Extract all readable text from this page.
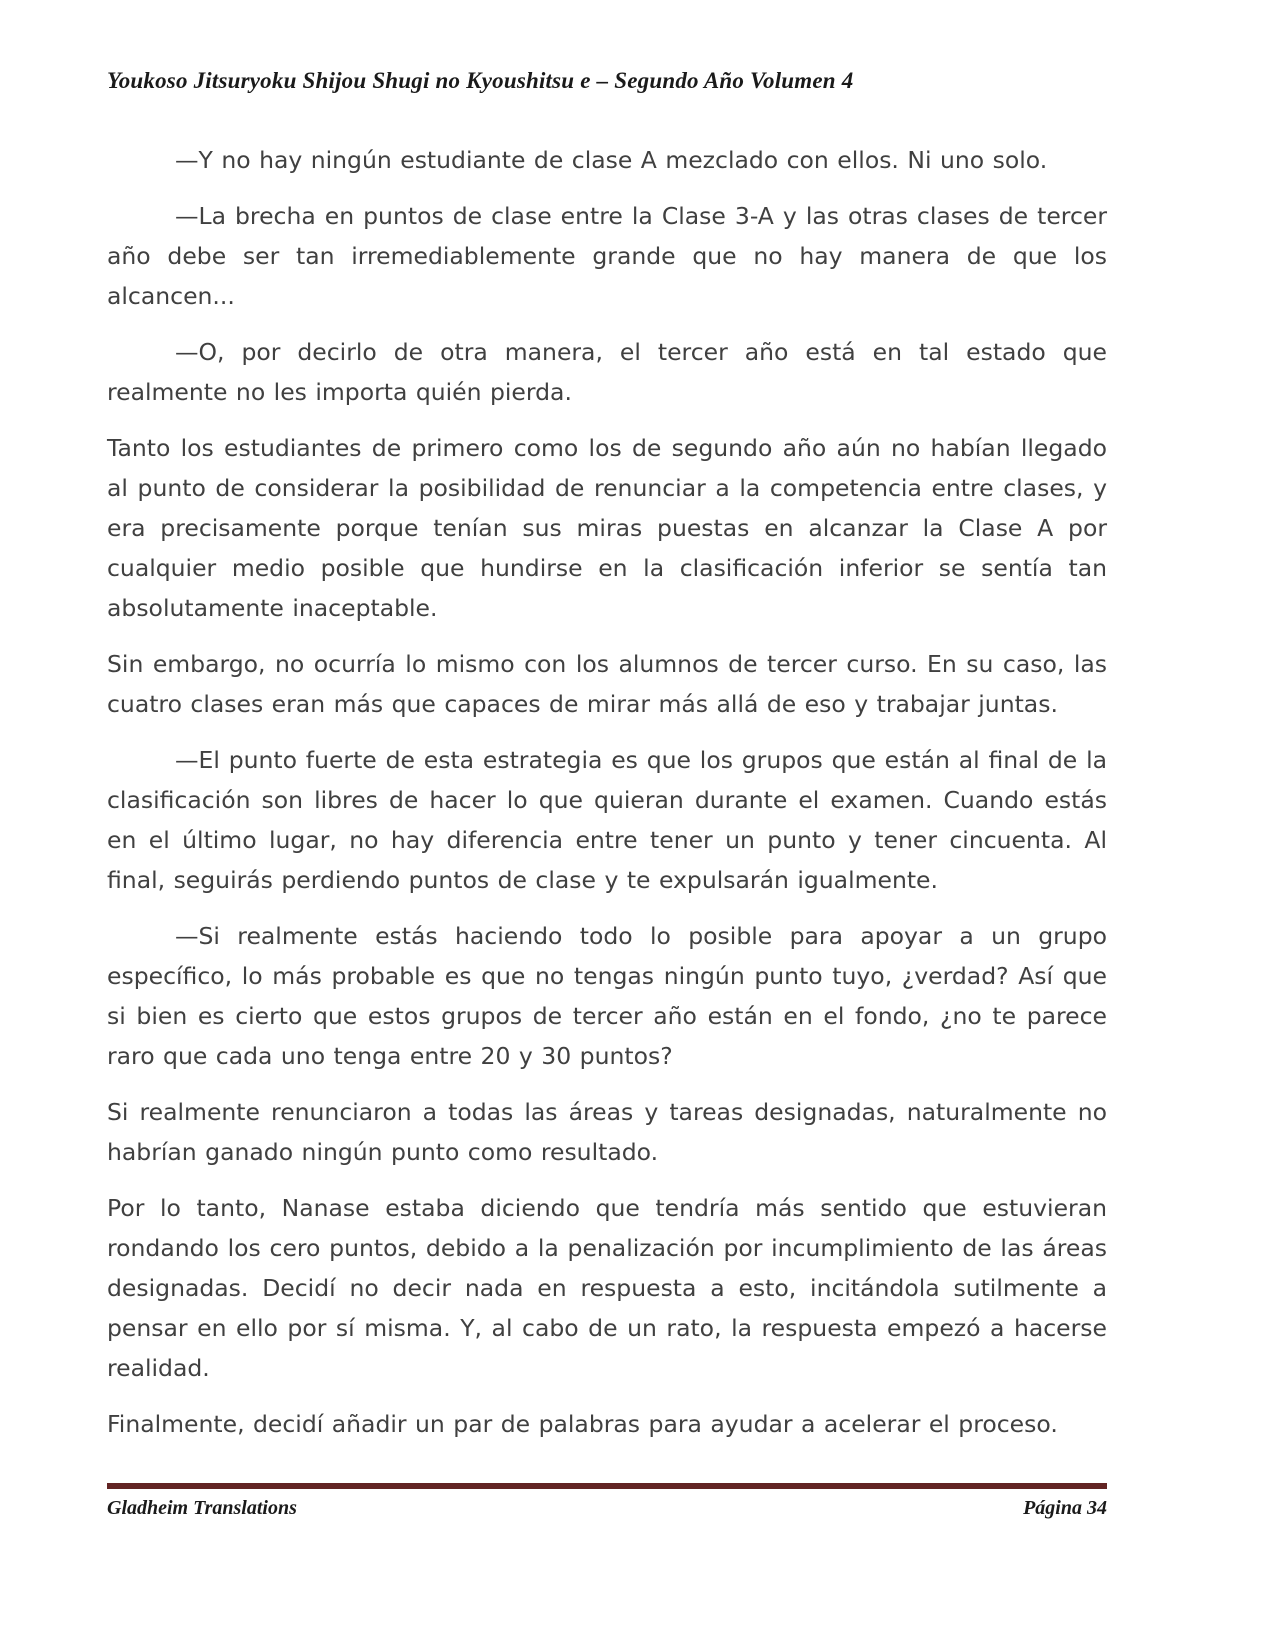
Youkoso Jitsuryoku Shijou Shugi no Kyoushitsu e – Segundo Año Volumen 4

—Y no hay ningún estudiante de clase A mezclado con ellos. Ni uno solo.

—La brecha en puntos de clase entre la Clase 3-A y las otras clases de tercer año debe ser tan irremediablemente grande que no hay manera de que los alcancen...

—O, por decirlo de otra manera, el tercer año está en tal estado que realmente no les importa quién pierda.

Tanto los estudiantes de primero como los de segundo año aún no habían llegado al punto de considerar la posibilidad de renunciar a la competencia entre clases, y era precisamente porque tenían sus miras puestas en alcanzar la Clase A por cualquier medio posible que hundirse en la clasificación inferior se sentía tan absolutamente inaceptable.

Sin embargo, no ocurría lo mismo con los alumnos de tercer curso. En su caso, las cuatro clases eran más que capaces de mirar más allá de eso y trabajar juntas.

—El punto fuerte de esta estrategia es que los grupos que están al final de la clasificación son libres de hacer lo que quieran durante el examen. Cuando estás en el último lugar, no hay diferencia entre tener un punto y tener cincuenta. Al final, seguirás perdiendo puntos de clase y te expulsarán igualmente.

—Si realmente estás haciendo todo lo posible para apoyar a un grupo específico, lo más probable es que no tengas ningún punto tuyo, ¿verdad? Así que si bien es cierto que estos grupos de tercer año están en el fondo, ¿no te parece raro que cada uno tenga entre 20 y 30 puntos?

Si realmente renunciaron a todas las áreas y tareas designadas, naturalmente no habrían ganado ningún punto como resultado.

Por lo tanto, Nanase estaba diciendo que tendría más sentido que estuvieran rondando los cero puntos, debido a la penalización por incumplimiento de las áreas designadas. Decidí no decir nada en respuesta a esto, incitándola sutilmente a pensar en ello por sí misma. Y, al cabo de un rato, la respuesta empezó a hacerse realidad.

Finalmente, decidí añadir un par de palabras para ayudar a acelerar el proceso.

Gladheim Translations	Página 34
